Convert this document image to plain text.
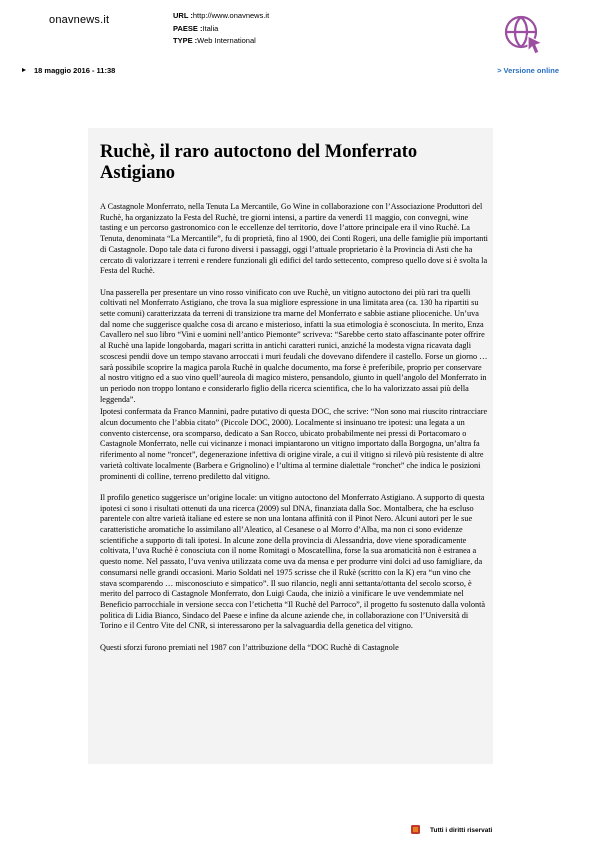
onavnews.it	URL :http://www.onavnews.it
PAESE :Italia
TYPE :Web International
18 maggio 2016 - 11:38	> Versione online
Ruchè, il raro autoctono del Monferrato Astigiano

A Castagnole Monferrato, nella Tenuta La Mercantile, Go Wine in collaborazione con l’Associazione Produttori del Ruchè, ha organizzato la Festa del Ruchè, tre giorni intensi, a partire da venerdì 11 maggio, con convegni, wine tasting e un percorso gastronomico con le eccellenze del territorio, dove l’attore principale era il vino Ruchè. La Tenuta, denominata “La Mercantile”, fu di proprietà, fino al 1900, dei Conti Rogeri, una delle famiglie più importanti di Castagnole. Dopo tale data ci furono diversi i passaggi, oggi l’attuale proprietario è la Provincia di Asti che ha cercato di valorizzare i terreni e rendere funzionali gli edifici del tardo settecento, compreso quello dove si è svolta la Festa del Ruchè.

Una passerella per presentare un vino rosso vinificato con uve Ruchè, un vitigno autoctono dei più rari tra quelli coltivati nel Monferrato Astigiano, che trova la sua migliore espressione in una limitata area (ca. 130 ha ripartiti su sette comuni) caratterizzata da terreni di transizione tra marne del Monferrato e sabbie astiane plioceniche. Un’uva dal nome che suggerisce qualche cosa di arcano e misterioso, infatti la sua etimologia è sconosciuta. In merito, Enza Cavallero nel suo libro “Vini e uomini nell’antico Piemonte” scriveva: “Sarebbe certo stato affascinante poter offrire al Ruchè una lapide longobarda, magari scritta in antichi caratteri runici, anziché la modesta vigna ricavata dagli scoscesi pendii dove un tempo stavano arroccati i muri feudali che dovevano difendere il castello. Forse un giorno … sarà possibile scoprire la magica parola Ruchè in qualche documento, ma forse è preferibile, proprio per conservare al nostro vitigno ed a suo vino quell’aureola di magico mistero, pensandolo, giunto in quell’angolo del Monferrato in un periodo non troppo lontano e considerarlo figlio della ricerca scientifica, che lo ha valorizzato assai più della leggenda”.

Ipotesi confermata da Franco Mannini, padre putativo di questa DOC, che scrive: “Non sono mai riuscito rintracciare alcun documento che l’abbia citato” (Piccole DOC, 2000). Localmente si insinuano tre ipotesi: una legata a un convento cistercense, ora scomparso, dedicato a San Rocco, ubicato probabilmente nei pressi di Portacomaro o Castagnole Monferrato, nelle cui vicinanze i monaci impiantarono un vitigno importato dalla Borgogna, un’altra fa riferimento al nome “roncet”, degenerazione infettiva di origine virale, a cui il vitigno si rilevò più resistente di altre varietà coltivate localmente (Barbera e Grignolino) e l’ultima al termine dialettale “ronchet” che indica le posizioni prominenti di colline, terreno prediletto dal vitigno.

Il profilo genetico suggerisce un’origine locale: un vitigno autoctono del Monferrato Astigiano. A supporto di questa ipotesi ci sono i risultati ottenuti da una ricerca (2009) sul DNA, finanziata dalla Soc. Montalbera, che ha escluso parentele con altre varietà italiane ed estere se non una lontana affinità con il Pinot Nero. Alcuni autori per le sue caratteristiche aromatiche lo assimilano all’Aleatico, al Cesanese o al Morro d’Alba, ma non ci sono evidenze scientifiche a supporto di tali ipotesi. In alcune zone della provincia di Alessandria, dove viene sporadicamente coltivata, l’uva Ruchè è conosciuta con il nome Romitagi o Moscatellina, forse la sua aromaticità non è estranea a questo nome. Nel passato, l’uva veniva utilizzata come uva da mensa e per produrre vini dolci ad uso famigliare, da consumarsi nelle grandi occasioni. Mario Soldati nel 1975 scrisse che il Rukè (scritto con la K) era “un vino che stava scomparendo … misconosciuto e simpatico”. Il suo rilancio, negli anni settanta/ottanta del secolo scorso, è merito del parroco di Castagnole Monferrato, don Luigi Cauda, che iniziò a vinificare le uve vendemmiate nel Beneficio parrocchiale in versione secca con l’etichetta “Il Ruchè del Parroco”, il progetto fu sostenuto dalla volontà politica di Lidia Bianco, Sindaco del Paese e infine da alcune aziende che, in collaborazione con l’Università di Torino e il Centro Vite del CNR, si interessarono per la salvaguardia della genetica del vitigno.

Questi sforzi furono premiati nel 1987 con l’attribuzione della “DOC Ruchè di Castagnole

Tutti i diritti riservati
